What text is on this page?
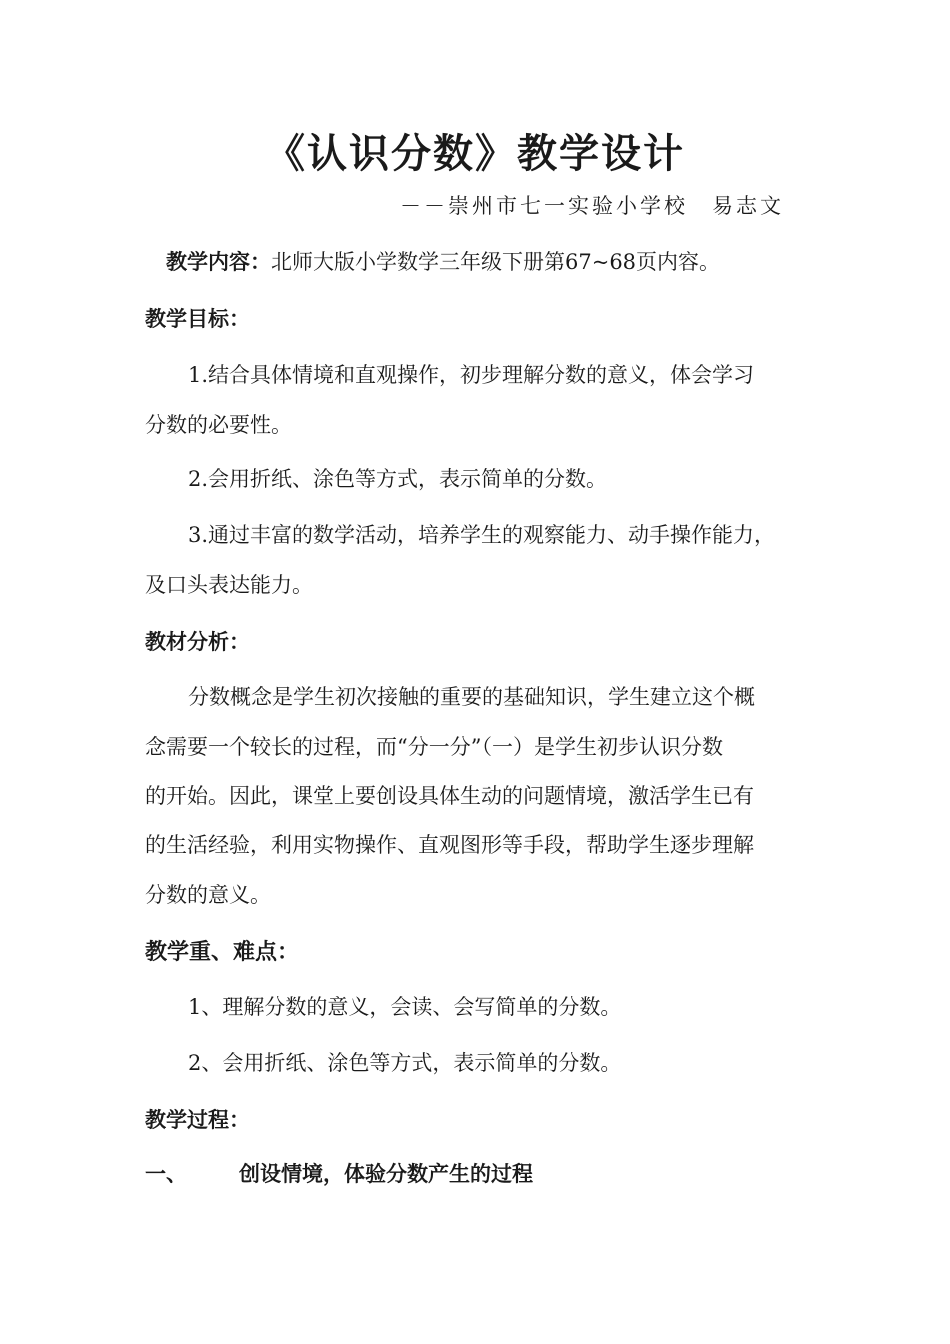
《认识分数》教学设计
－－崇州市七一实验小学校　易志文
教学内容：北师大版小学数学三年级下册第67~68页内容。
教学目标：
1.结合具体情境和直观操作，初步理解分数的意义，体会学习
分数的必要性。
2.会用折纸、涂色等方式，表示简单的分数。
3.通过丰富的数学活动，培养学生的观察能力、动手操作能力，
及口头表达能力。
教材分析：
分数概念是学生初次接触的重要的基础知识，学生建立这个概
念需要一个较长的过程，而“分一分”（一）是学生初步认识分数
的开始。因此，课堂上要创设具体生动的问题情境，激活学生已有
的生活经验，利用实物操作、直观图形等手段，帮助学生逐步理解
分数的意义。
教学重、难点：
1、理解分数的意义，会读、会写简单的分数。
2、会用折纸、涂色等方式，表示简单的分数。
教学过程：
一、 创设情境，体验分数产生的过程
